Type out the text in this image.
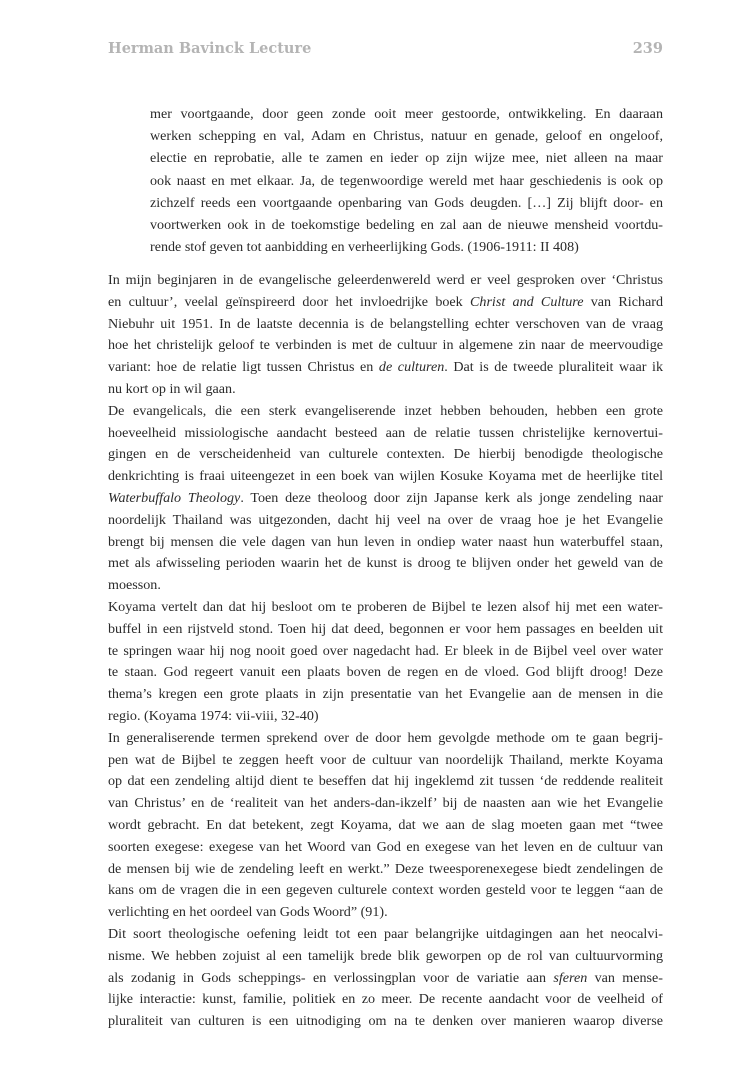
Herman Bavinck Lecture	239
mer voortgaande, door geen zonde ooit meer gestoorde, ontwikkeling. En daaraan
werken schepping en val, Adam en Christus, natuur en genade, geloof en ongeloof,
electie en reprobatie, alle te zamen en ieder op zijn wijze mee, niet alleen na maar
ook naast en met elkaar. Ja, de tegenwoordige wereld met haar geschiedenis is ook op
zichzelf reeds een voortgaande openbaring van Gods deugden. […] Zij blijft door- en
voortwerken ook in de toekomstige bedeling en zal aan de nieuwe mensheid voortdu-
rende stof geven tot aanbidding en verheerlijking Gods. (1906-1911: II 408)

In mijn beginjaren in de evangelische geleerdenwereld werd er veel gesproken over ‘Christus
en cultuur’, veelal geïnspireerd door het invloedrijke boek Christ and Culture van Richard
Niebuhr uit 1951. In de laatste decennia is de belangstelling echter verschoven van de vraag
hoe het christelijk geloof te verbinden is met de cultuur in algemene zin naar de meervoudige
variant: hoe de relatie ligt tussen Christus en de culturen. Dat is de tweede pluraliteit waar ik
nu kort op in wil gaan.

De evangelicals, die een sterk evangeliserende inzet hebben behouden, hebben een grote
hoeveelheid missiologische aandacht besteed aan de relatie tussen christelijke kernovertui-
gingen en de verscheidenheid van culturele contexten. De hierbij benodigde theologische
denkrichting is fraai uiteengezet in een boek van wijlen Kosuke Koyama met de heerlijke titel
Waterbuffalo Theology. Toen deze theoloog door zijn Japanse kerk als jonge zendeling naar
noordelijk Thailand was uitgezonden, dacht hij veel na over de vraag hoe je het Evangelie
brengt bij mensen die vele dagen van hun leven in ondiep water naast hun waterbuffel staan,
met als afwisseling perioden waarin het de kunst is droog te blijven onder het geweld van de
moesson.

Koyama vertelt dan dat hij besloot om te proberen de Bijbel te lezen alsof hij met een water-
buffel in een rijstveld stond. Toen hij dat deed, begonnen er voor hem passages en beelden uit
te springen waar hij nog nooit goed over nagedacht had. Er bleek in de Bijbel veel over water
te staan. God regeert vanuit een plaats boven de regen en de vloed. God blijft droog! Deze
thema’s kregen een grote plaats in zijn presentatie van het Evangelie aan de mensen in die
regio. (Koyama 1974: vii-viii, 32-40)

In generaliserende termen sprekend over de door hem gevolgde methode om te gaan begrij-
pen wat de Bijbel te zeggen heeft voor de cultuur van noordelijk Thailand, merkte Koyama
op dat een zendeling altijd dient te beseffen dat hij ingeklemd zit tussen ‘de reddende realiteit
van Christus’ en de ‘realiteit van het anders-dan-ikzelf’ bij de naasten aan wie het Evangelie
wordt gebracht. En dat betekent, zegt Koyama, dat we aan de slag moeten gaan met “twee
soorten exegese: exegese van het Woord van God en exegese van het leven en de cultuur van
de mensen bij wie de zendeling leeft en werkt.” Deze tweesporenexegese biedt zendelingen de
kans om de vragen die in een gegeven culturele context worden gesteld voor te leggen “aan de
verlichting en het oordeel van Gods Woord” (91).

Dit soort theologische oefening leidt tot een paar belangrijke uitdagingen aan het neocalvi-
nisme. We hebben zojuist al een tamelijk brede blik geworpen op de rol van cultuurvorming
als zodanig in Gods scheppings- en verlossingplan voor de variatie aan sferen van mense-
lijke interactie: kunst, familie, politiek en zo meer. De recente aandacht voor de veelheid of
pluraliteit van culturen is een uitnodiging om na te denken over manieren waarop diverse
